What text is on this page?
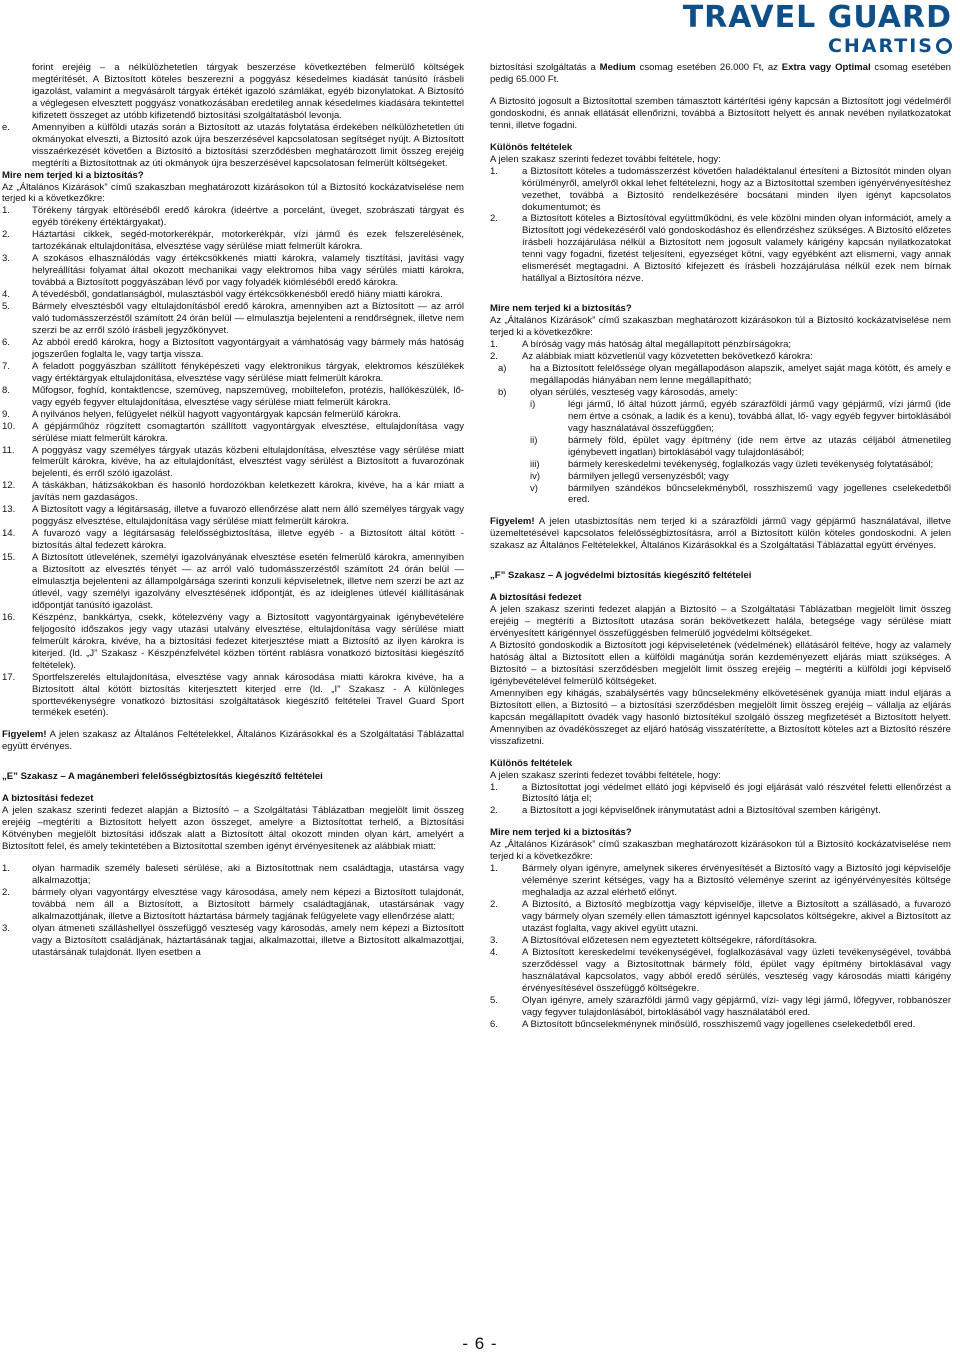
TRAVEL GUARD
CHARTIS
forint erejéig – a nélkülözhetetlen tárgyak beszerzése következtében felmerülő költségek megtérítését. A Biztosított köteles beszerezni a poggyász késedelmes kiadását tanúsító írásbeli igazolást, valamint a megvásárolt tárgyak értékét igazoló számlákat, egyéb bizonylatokat. A Biztosító a véglegesen elvesztett poggyász vonatkozásában eredetileg annak késedelmes kiadására tekintettel kifizetett összeget az utóbb kifizetendő biztosítási szolgáltatásból levonja.
e.	Amennyiben a külföldi utazás során a Biztosított az utazás folytatása érdekében nélkülözhetetlen úti okmányokat elveszti, a Biztosító azok újra beszerzésével kapcsolatosan segítséget nyújt. A Biztosított visszaérkezését követően a Biztosító a biztosítási szerződésben meghatározott limit összeg erejéig megtéríti a Biztosítottnak az úti okmányok újra beszerzésével kapcsolatosan felmerült költségeket.

Mire nem terjed ki a biztosítás?

Az „Általános Kizárások” című szakaszban meghatározott kizárásokon túl a Biztosító kockázatviselése nem terjed ki a következőkre:

1.	Törékeny tárgyak eltöréséből eredő károkra (ideértve a porcelánt, üveget, szobrászati tárgyat és egyéb törékeny értéktárgyakat).
2.	Háztartási cikkek, segéd-motorkerékpár, motorkerékpár, vízi jármű és ezek felszerelésének, tartozékának eltulajdonítása, elvesztése vagy sérülése miatt felmerült károkra.
3.	A szokásos elhasználódás vagy értékcsökkenés miatti károkra, valamely tisztítási, javítási vagy helyreállítási folyamat által okozott mechanikai vagy elektromos hiba vagy sérülés miatti károkra, továbbá a Biztosított poggyászában lévő por vagy folyadék kiömléséből eredő károkra.
4.	A tévedésből, gondatlanságból, mulasztásból vagy értékcsökkenésből eredő hiány miatti károkra.
5.	Bármely elvesztésből vagy eltulajdonításból eredő károkra, amennyiben azt a Biztosított — az arról való tudomásszerzéstől számított 24 órán belül — elmulasztja bejelenteni a rendőrségnek, illetve nem szerzi be az erről szóló írásbeli jegyzőkönyvet.
6.	Az abból eredő károkra, hogy a Biztosított vagyontárgyait a vámhatóság vagy bármely más hatóság jogszerűen foglalta le, vagy tartja vissza.
7.	A feladott poggyászban szállított fényképészeti vagy elektronikus tárgyak, elektromos készülékek vagy értéktárgyak eltulajdonítása, elvesztése vagy sérülése miatt felmerült károkra.
8.	Műfogsor, foghíd, kontaktlencse, szemüveg, napszemüveg, mobiltelefon, protézis, hallókészülék, lő- vagy egyéb fegyver eltulajdonítása, elvesztése vagy sérülése miatt felmerült károkra.
9.	A nyilvános helyen, felügyelet nélkül hagyott vagyontárgyak kapcsán felmerülő károkra.
10.	A gépjárműhöz rögzített csomagtartón szállított vagyontárgyak elvesztése, eltulajdonítása vagy sérülése miatt felmerült károkra.
11.	A poggyász vagy személyes tárgyak utazás közbeni eltulajdonítása, elvesztése vagy sérülése miatt felmerült károkra, kivéve, ha az eltulajdonítást, elvesztést vagy sérülést a Biztosított a fuvarozónak bejelenti, és erről szóló igazolást.
12.	A táskákban, hátizsákokban és hasonló hordozókban keletkezett károkra, kivéve, ha a kár miatt a javítás nem gazdaságos.
13.	A Biztosított vagy a légitársaság, illetve a fuvarozó ellenőrzése alatt nem álló személyes tárgyak vagy poggyász elvesztése, eltulajdonítása vagy sérülése miatt felmerült károkra.
14.	A fuvarozó vagy a légitársaság felelősségbiztosítása, illetve egyéb - a Biztosított által kötött - biztosítás által fedezett károkra.
15.	A Biztosított útlevelének, személyi igazolványának elvesztése esetén felmerülő károkra, amennyiben a Biztosított az elvesztés tényét — az arról való tudomásszerzéstől számított 24 órán belül — elmulasztja bejelenteni az állampolgársága szerinti konzuli képviseletnek, illetve nem szerzi be azt az útlevél, vagy személyi igazolvány elvesztésének időpontját, és az ideiglenes útlevél kiállításának időpontját tanúsító igazolást.
16.	Készpénz, bankkártya, csekk, kötelezvény vagy a Biztosított vagyontárgyainak igénybevételére feljogosító időszakos jegy vagy utazási utalvány elvesztése, eltulajdonítása vagy sérülése miatt felmerült károkra, kivéve, ha a biztosítási fedezet kiterjesztése miatt a Biztosító az ilyen károkra is kiterjed. (ld. „J” Szakasz - Készpénzfelvétel közben történt rablásra vonatkozó biztosítási kiegészítő feltételek).
17.	Sportfelszerelés eltulajdonítása, elvesztése vagy annak károsodása miatti károkra kivéve, ha a Biztosított által kötött biztosítás kiterjesztett kiterjed erre (ld. „I” Szakasz - A különleges sporttevékenységre vonatkozó biztosítási szolgáltatások kiegészítő feltételei Travel Guard Sport termékek esetén).

Figyelem! A jelen szakasz az Általános Feltételekkel, Általános Kizárásokkal és a Szolgáltatási Táblázattal együtt érvényes.

„E” Szakasz – A magánemberi felelősségbiztosítás kiegészítő feltételei

A biztosítási fedezet

A jelen szakasz szerinti fedezet alapján a Biztosító – a Szolgáltatási Táblázatban megjelölt limit összeg erejéig –megtéríti a Biztosított helyett azon összeget, amelyre a Biztosítottat terhelő, a Biztosítási Kötvényben megjelölt biztosítási időszak alatt a Biztosított által okozott minden olyan kárt, amelyért a Biztosított felel, és amely tekintetében a Biztosítottal szemben igényt érvényesítenek az alábbiak miatt:

1.	olyan harmadik személy baleseti sérülése, aki a Biztosítottnak nem családtagja, utastársa vagy alkalmazottja;
2.	bármely olyan vagyontárgy elvesztése vagy károsodása, amely nem képezi a Biztosított tulajdonát, továbbá nem áll a Biztosított, a Biztosított bármely családtagjának, utastársának vagy alkalmazottjának, illetve a Biztosított háztartása bármely tagjának felügyelete vagy ellenőrzése alatt;
3.	olyan átmeneti szálláshellyel összefüggő veszteség vagy károsodás, amely nem képezi a Biztosított vagy a Biztosított családjának, háztartásának tagjai, alkalmazottai, illetve a Biztosított alkalmazottjai, utastársának tulajdonát. Ilyen esetben a

biztosítási szolgáltatás a Medium csomag esetében 26.000 Ft, az Extra vagy Optimal csomag esetében pedig 65.000 Ft.

A Biztosító jogosult a Biztosítottal szemben támasztott kártérítési igény kapcsán a Biztosított jogi védelméről gondoskodni, és annak ellátását ellenőrizni, továbbá a Biztosított helyett és annak nevében nyilatkozatokat tenni, illetve fogadni.

Különös feltételek

A jelen szakasz szerinti fedezet további feltétele, hogy:

1.	a Biztosított köteles a tudomásszerzést követően haladéktalanul értesíteni a Biztosítót minden olyan körülményről, amelyről okkal lehet feltételezni, hogy az a Biztosítottal szemben igényérvényesítéshez vezethet, továbbá a Biztosító rendelkezésére bocsátani minden ilyen igényt kapcsolatos dokumentumot; és
2.	a Biztosított köteles a Biztosítóval együttműködni, és vele közölni minden olyan információt, amely a Biztosított jogi védekezéséről való gondoskodáshoz és ellenőrzéshez szükséges. A Biztosító előzetes írásbeli hozzájárulása nélkül a Biztosított nem jogosult valamely kárigény kapcsán nyilatkozatokat tenni vagy fogadni, fizetést teljesíteni, egyezséget kötni, vagy egyébként azt elismerni, vagy annak elismerését megtagadni. A Biztosító kifejezett és írásbeli hozzájárulása nélkül ezek nem bírnak hatállyal a Biztosítóra nézve.

Mire nem terjed ki a biztosítás?

Az „Általános Kizárások” című szakaszban meghatározott kizárásokon túl a Biztosító kockázatviselése nem terjed ki a következőkre:

1.	A bíróság vagy más hatóság által megállapított pénzbírságokra;
2.	Az alábbiak miatt közvetlenül vagy közvetetten bekövetkező károkra:
a)	ha a Biztosított felelőssége olyan megállapodáson alapszik, amelyet saját maga kötött, és amely e megállapodás hiányában nem lenne megállapítható;
b)	olyan sérülés, veszteség vagy károsodás, amely:
i)	légi jármű, lő által húzott jármű, egyéb szárazföldi jármű vagy gépjármű, vízi jármű (ide nem értve a csónak, a ladik és a kenu), továbbá állat, lő- vagy egyéb fegyver birtoklásából vagy használatával összefüggően;
ii)	bármely föld, épület vagy építmény (ide nem értve az utazás céljából átmenetileg igénybevett ingatlan) birtoklásából vagy tulajdonlásából;
iii)	bármely kereskedelmi tevékenység, foglalkozás vagy üzleti tevékenység folytatásából;
iv)	bármilyen jellegű versenyzésből; vagy
v)	bármilyen szándékos bűncselekményből, rosszhiszemű vagy jogellenes cselekedetből ered.

Figyelem! A jelen utasbiztosítás nem terjed ki a szárazföldi jármű vagy gépjármű használatával, illetve üzemeltetésével kapcsolatos felelősségbiztosításra, arról a Biztosított külön köteles gondoskodni. A jelen szakasz az Általános Feltételekkel, Általános Kizárásokkal és a Szolgáltatási Táblázattal együtt érvényes.

„F” Szakasz – A jogvédelmi biztosítás kiegészítő feltételei

A biztosítási fedezet

A jelen szakasz szerinti fedezet alapján a Biztosító – a Szolgáltatási Táblázatban megjelölt limit összeg erejéig – megtéríti a Biztosított utazása során bekövetkezett halála, betegsége vagy sérülése miatt érvényesített kárigénnyel összefüggésben felmerülő jogvédelmi költségeket.

A Biztosító gondoskodik a Biztosított jogi képviseletének (védelmének) ellátásáról feltéve, hogy az valamely hatóság által a Biztosított ellen a külföldi magánútja során kezdeményezett eljárás miatt szükséges. A Biztosító – a biztosítási szerződésben megjelölt limit összeg erejéig – megtéríti a külföldi jogi képviselő igénybevételével felmerülő költségeket.

Amennyiben egy kihágás, szabálysértés vagy bűncselekmény elkövetésének gyanúja miatt indul eljárás a Biztosított ellen, a Biztosító – a biztosítási szerződésben megjelölt limit összeg erejéig – vállalja az eljárás kapcsán megállapított óvadék vagy hasonló biztosítékul szolgáló összeg megfizetését a Biztosított helyett. Amennyiben az óvadékösszeget az eljáró hatóság visszatérítette, a Biztosított köteles azt a Biztosító részére visszafizetni.

Különös feltételek

A jelen szakasz szerinti fedezet további feltétele, hogy:

1.	a Biztosítottat jogi védelmet ellátó jogi képviselő és jogi eljárását való részvétel feletti ellenőrzést a Biztosító látja el;
2.	a Biztosított a jogi képviselőnek iránymutatást adni a Biztosítóval szemben kárigényt.

Mire nem terjed ki a biztosítás?

Az „Általános Kizárások” című szakaszban meghatározott kizárásokon túl a Biztosító kockázatviselése nem terjed ki a következőkre:

1.	Bármely olyan igényre, amelynek sikeres érvényesítését a Biztosító vagy a Biztosító jogi képviselője véleménye szerint kétséges, vagy ha a Biztosító véleménye szerint az igényérvényesítés költsége meghaladja az azzal elérhető előnyt.
2.	A Biztosító, a Biztosító megbízottja vagy képviselője, illetve a Biztosított a szállásadó, a fuvarozó vagy bármely olyan személy ellen támasztott igénnyel kapcsolatos költségekre, akivel a Biztosított az utazást foglalta, vagy akivel együtt utazni.
3.	A Biztosítóval előzetesen nem egyeztetett költségekre, ráfordításokra.
4.	A Biztosított kereskedelmi tevékenységével, foglalkozásával vagy üzleti tevékenységével, továbbá szerződéssel vagy a Biztosítottnak bármely föld, épület vagy építmény birtoklásával vagy használatával kapcsolatos, vagy abból eredő sérülés, veszteség vagy károsodás miatti kárigény érvényesítésével összefüggő költségekre.
5.	Olyan igényre, amely szárazföldi jármű vagy gépjármű, vízi- vagy légi jármű, lőfegyver, robbanószer vagy fegyver tulajdonlásából, birtoklásából vagy használatából ered.
6.	A Biztosított bűncselekménynek minősülő, rosszhiszemű vagy jogellenes cselekedetből ered.
- 6 -
